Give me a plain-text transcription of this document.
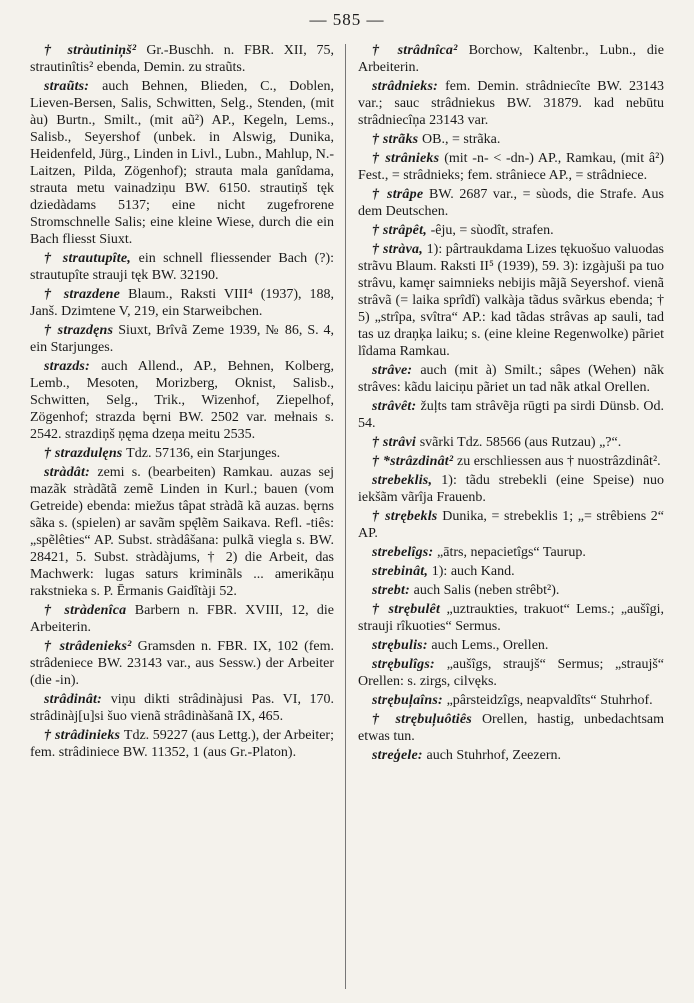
— 585 —

† stràutiniņš² Gr.-Buschh. n. FBR. XII, 75, strautinîtis² ebenda, Demin. zu straũts.

straũts: auch Behnen, Blieden, C., Doblen, Lieven-Bersen, Salis, Schwitten, Selg., Stenden, (mit àu) Burtn., Smilt., (mit aũ²) AP., Kegeln, Lems., Salisb., Seyershof (unbek. in Alswig, Dunika, Heidenfeld, Jürg., Linden in Livl., Lubn., Mahlup, N.-Laitzen, Pilda, Zögenhof); strauta mala ganîdama, strauta metu vainadziņu BW. 6150. strautiņš tęk dziedàdams 5137; eine nicht zugefrorene Stromschnelle Salis; eine kleine Wiese, durch die ein Bach fliesst Siuxt.

† strautupîte, ein schnell fliessender Bach (?): strautupîte strauji tęk BW. 32190.

† strazdene Blaum., Raksti VIII⁴ (1937), 188, Janš. Dzimtene V, 219, ein Starweibchen.

† strazdęns Siuxt, Brîvã Zeme 1939, № 86, S. 4, ein Starjunges.

strazds: auch Allend., AP., Behnen, Kolberg, Lemb., Mesoten, Morizberg, Oknist, Salisb., Schwitten, Selg., Trik., Wizenhof, Ziepelhof, Zögenhof; strazda bęrni BW. 2502 var. mełnais s. 2542. strazdiņš ņęma dzeņa meitu 2535.

† strazdulęns Tdz. 57136, ein Starjunges.

stràdât: zemi s. (bearbeiten) Ramkau. auzas sej mazãk stràdãtã zemẽ Linden in Kurl.; bauen (vom Getreide) ebenda: miežus tâpat stràdã kã auzas. bęrns sãka s. (spielen) ar savãm spę̄lẽm Saikava. Refl. -tiês: „spẽlêties“ AP. Subst. stràdâšana: pulkã viegla s. BW. 28421, 5. Subst. stràdàjums, † 2) die Arbeit, das Machwerk: lugas saturs kriminãls ... amerikãņu rakstnieka s. P. Ērmanis Gaidîtàji 52.

† stràdenîca Barbern n. FBR. XVIII, 12, die Arbeiterin.

† strâdenieks² Gramsden n. FBR. IX, 102 (fem. strâdeniece BW. 23143 var., aus Sessw.) der Arbeiter (die -in).

strâdinât: viņu dikti strâdinàjusi Pas. VI, 170. strâdinàj[u]si šuo vienã strâdinàšanã IX, 465.

† strâdinieks Tdz. 59227 (aus Lettg.), der Arbeiter; fem. strâdiniece BW. 11352, 1 (aus Gr.-Platon).

† strâdnîca² Borchow, Kaltenbr., Lubn., die Arbeiterin.

strâdnieks: fem. Demin. strâdniecîte BW. 23143 var.; sauc strâdniekus BW. 31879. kad nebūtu strâdniecîņa 23143 var.

† strãks OB., = strãka.

† strânieks (mit -n- < -dn-) AP., Ramkau, (mit â²) Fest., = strâdnieks; fem. strâniece AP., = strâdniece.

† strâpe BW. 2687 var., = sùods, die Strafe. Aus dem Deutschen.

† strâpêt, -êju, = sùodît, strafen.

† stràva, 1): pârtraukdama Lizes tękuošuo valuodas strãvu Blaum. Raksti II⁵ (1939), 59. 3): izgàjuši pa tuo strâvu, kamęr saimnieks nebijis mãjã Seyershof. vienã strâvã (= laika sprîdî) valkàja tãdus svãrkus ebenda; † 5) „strîpa, svîtra“ AP.: kad tãdas strâvas ap sauli, tad tas uz draņķa laiku; s. (eine kleine Regenwolke) pãriet lîdama Ramkau.

strâve: auch (mit à) Smilt.; sâpes (Wehen) nãk strâves: kãdu laiciņu pãriet un tad nãk atkal Orellen.

strâvêt: žuļts tam strâvẽja rūgti pa sirdi Dünsb. Od. 54.

† strâvi svãrki Tdz. 58566 (aus Rutzau) „?“.

† *strâzdinât² zu erschliessen aus † nuostrâzdinât².

strebeklis, 1): tãdu strebekli (eine Speise) nuo iekšãm vãrîja Frauenb.

† strębekls Dunika, = strebeklis 1; „= strêbiens 2“ AP.

strebelîgs: „ātrs, nepacietîgs“ Taurup.

strebinât, 1): auch Kand.

strebt: auch Salis (neben strêbt²).

† strębulêt „uztraukties, trakuot“ Lems.; „aušîgi, strauji rîkuoties“ Sermus.

strębulis: auch Lems., Orellen.

strębulîgs: „aušîgs, straujš“ Sermus; „straujš“ Orellen: s. zirgs, cilvęks.

strębuļaîns: „pârsteidzîgs, neapvaldîts“ Stuhrhof.

† strębuļuôtiês Orellen, hastig, unbedachtsam etwas tun.

streģele: auch Stuhrhof, Zeezern.
